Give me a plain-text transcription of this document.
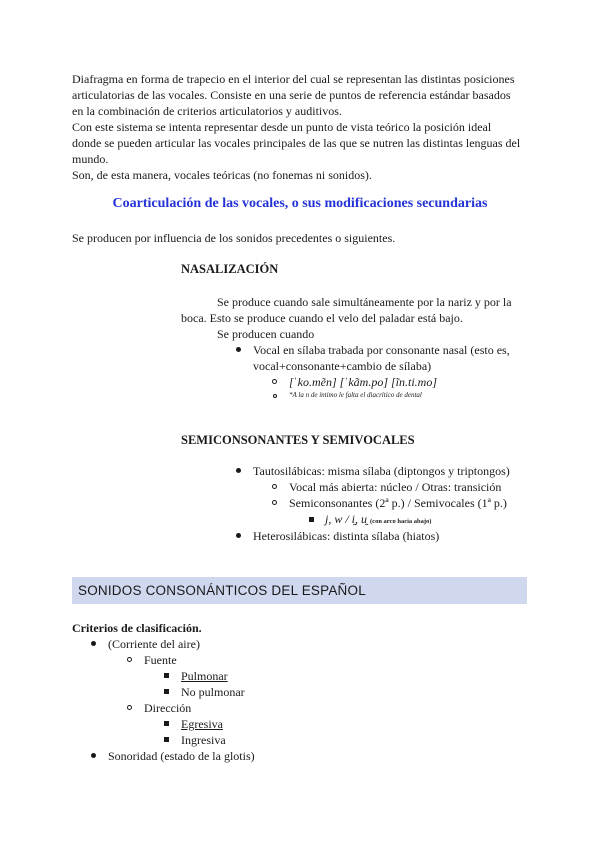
Diafragma en forma de trapecio en el interior del cual se representan las distintas posiciones
articulatorias de las vocales. Consiste en una serie de puntos de referencia estándar basados
en la combinación de criterios articulatorios y auditivos.
Con este sistema se intenta representar desde un punto de vista teórico la posición ideal
donde se pueden articular las vocales principales de las que se nutren las distintas lenguas del
mundo.
Son, de esta manera, vocales teóricas (no fonemas ni sonidos).
Coarticulación de las vocales, o sus modificaciones secundarias
Se producen por influencia de los sonidos precedentes o siguientes.
NASALIZACIÓN
Se produce cuando sale simultáneamente por la nariz y por la
boca. Esto se produce cuando el velo del paladar está bajo.
Se producen cuando
Vocal en sílaba trabada por consonante nasal (esto es,
vocal+consonante+cambio de sílaba)
[ˈko.mẽn] [ˈkãm.po] [ĩn.ti.mo]
*A la n de íntimo le falta el diacrítico de dental
SEMICONSONANTES Y SEMIVOCALES
Tautosilábicas: misma sílaba (diptongos y triptongos)
Vocal más abierta: núcleo / Otras: transición
Semiconsonantes (2ª p.) / Semivocales (1ª p.)
j, w / i̯, u̯ (con arco hacia abajo)
Heterosilábicas: distinta sílaba (hiatos)
SONIDOS CONSONÁNTICOS DEL ESPAÑOL
Criterios de clasificación.
(Corriente del aire)
Fuente
Pulmonar
No pulmonar
Dirección
Egresiva
Ingresiva
Sonoridad (estado de la glotis)
